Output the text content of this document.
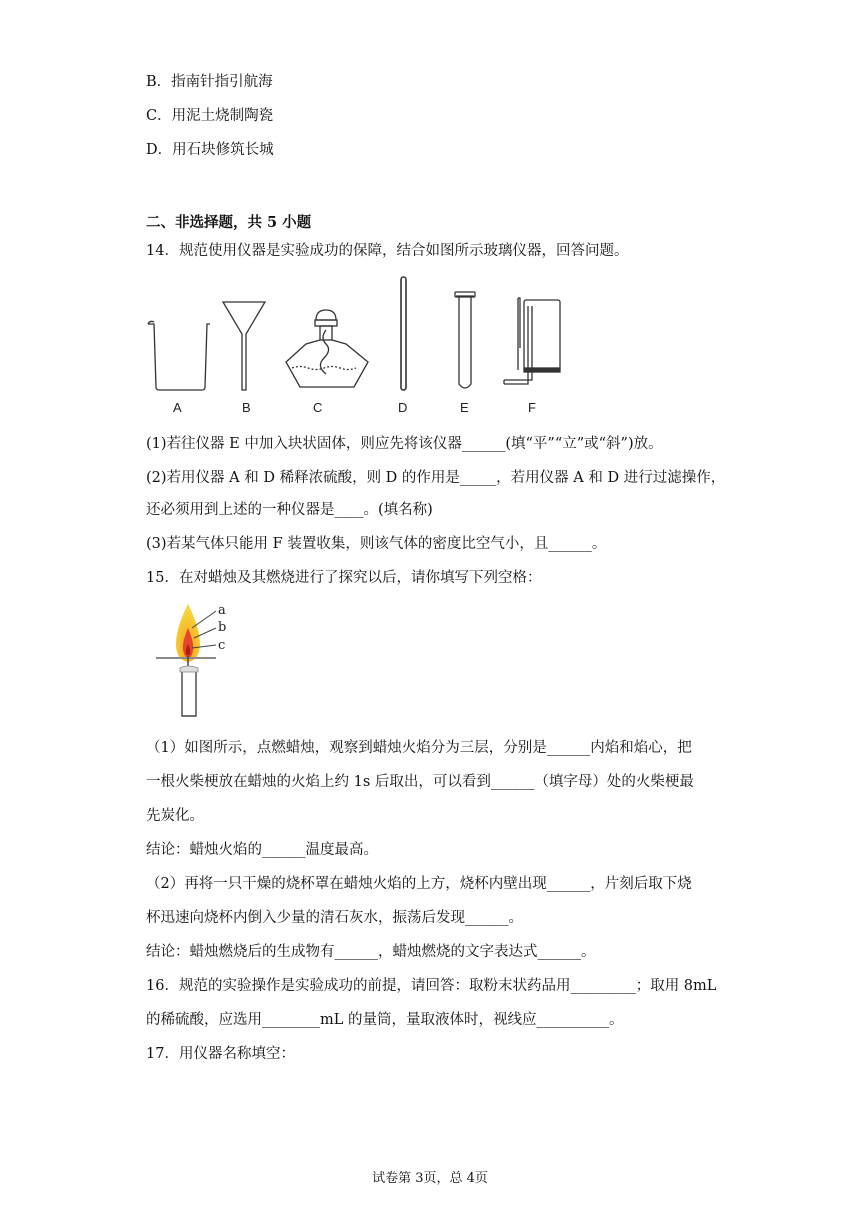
B．指南针指引航海
C．用泥土烧制陶瓷
D．用石块修筑长城
二、非选择题，共 5 小题
14．规范使用仪器是实验成功的保障，结合如图所示玻璃仪器，回答问题。
A	B	C	D	E	F
(1)若往仪器 E 中加入块状固体，则应先将该仪器______(填“平”“立”或“斜”)放。
(2)若用仪器 A 和 D 稀释浓硫酸，则 D 的作用是_____，若用仪器 A 和 D 进行过滤操作，
还必须用到上述的一种仪器是____。(填名称)
(3)若某气体只能用 F 装置收集，则该气体的密度比空气小，且______。
15．在对蜡烛及其燃烧进行了探究以后，请你填写下列空格：
a
b
c
（1）如图所示，点燃蜡烛，观察到蜡烛火焰分为三层，分别是______内焰和焰心，把
一根火柴梗放在蜡烛的火焰上约 1s 后取出，可以看到______（填字母）处的火柴梗最
先炭化。
结论：蜡烛火焰的______温度最高。
（2）再将一只干燥的烧杯罩在蜡烛火焰的上方，烧杯内壁出现______，片刻后取下烧
杯迅速向烧杯内倒入少量的清石灰水，振荡后发现______。
结论：蜡烛燃烧后的生成物有______，蜡烛燃烧的文字表达式______。
16．规范的实验操作是实验成功的前提，请回答：取粉末状药品用_________；取用 8mL
的稀硫酸，应选用________mL 的量筒，量取液体时，视线应__________。
17．用仪器名称填空：
试卷第 3页，总 4页
